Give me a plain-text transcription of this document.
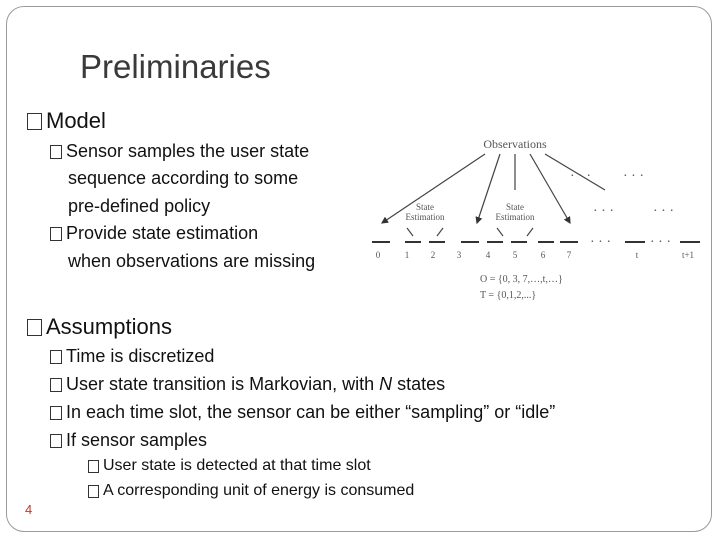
Preliminaries
Model
Sensor samples the user state
sequence according to some
pre-defined policy
Provide state estimation
when observations are missing
Observations
State
Estimation
State
Estimation
· · · · · ·
· · ·	· · ·
· · ·	· · ·
0	1 2 3	4	5	6 7	t	t+1
O = {0, 3, 7,…,t,…}
T = {0,1,2,...}
Assumptions
Time is discretized
User state transition is Markovian, with N states
In each time slot, the sensor can be either “sampling” or “idle”
If sensor samples
User state is detected at that time slot
A corresponding unit of energy is consumed
4
